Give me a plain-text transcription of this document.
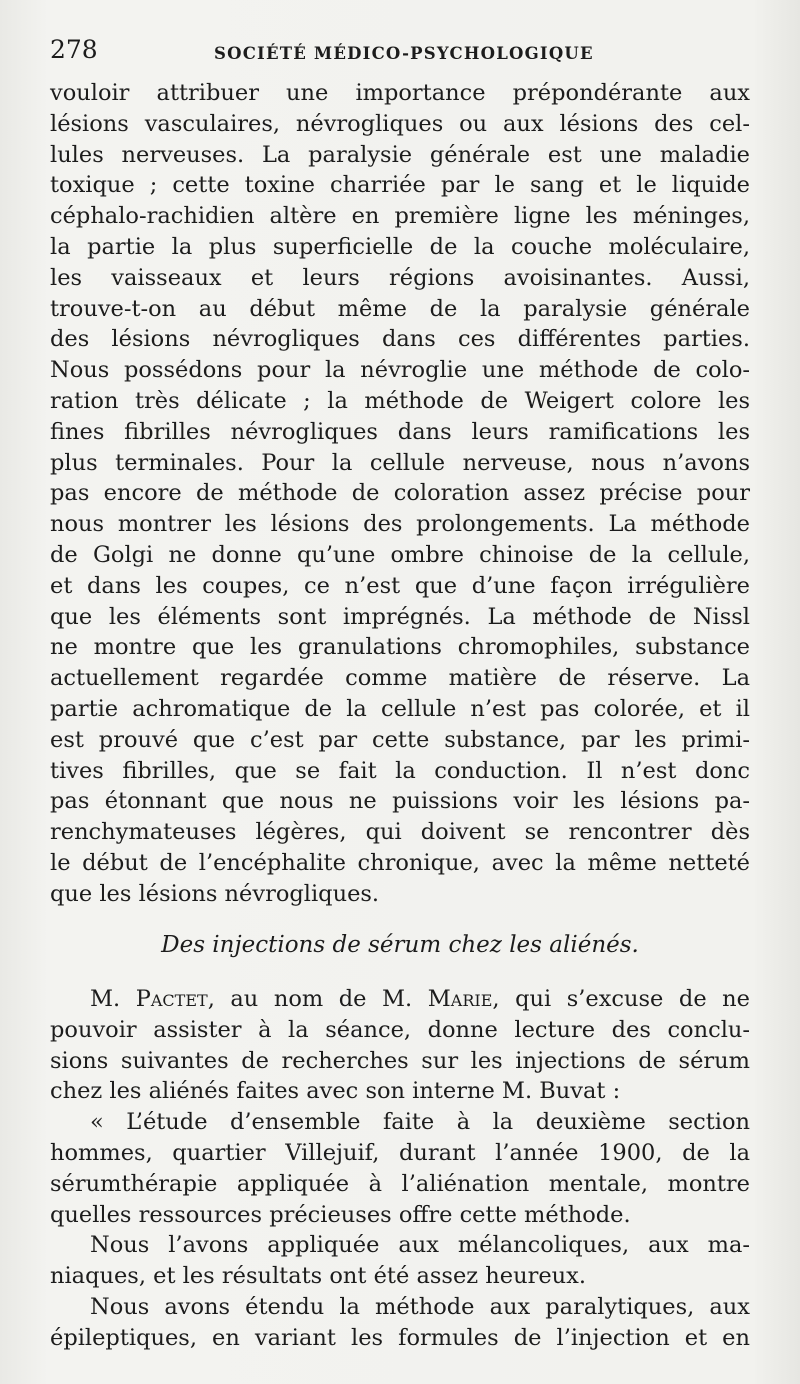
278	SOCIÉTÉ MÉDICO-PSYCHOLOGIQUE
vouloir attribuer une importance prépondérante aux
lésions vasculaires, névrogliques ou aux lésions des cel-
lules nerveuses. La paralysie générale est une maladie
toxique ; cette toxine charriée par le sang et le liquide
céphalo-rachidien altère en première ligne les méninges,
la partie la plus superficielle de la couche moléculaire,
les vaisseaux et leurs régions avoisinantes. Aussi,
trouve-t-on au début même de la paralysie générale
des lésions névrogliques dans ces différentes parties.
Nous possédons pour la névroglie une méthode de colo-
ration très délicate ; la méthode de Weigert colore les
fines fibrilles névrogliques dans leurs ramifications les
plus terminales. Pour la cellule nerveuse, nous n’avons
pas encore de méthode de coloration assez précise pour
nous montrer les lésions des prolongements. La méthode
de Golgi ne donne qu’une ombre chinoise de la cellule,
et dans les coupes, ce n’est que d’une façon irrégulière
que les éléments sont imprégnés. La méthode de Nissl
ne montre que les granulations chromophiles, substance
actuellement regardée comme matière de réserve. La
partie achromatique de la cellule n’est pas colorée, et il
est prouvé que c’est par cette substance, par les primi-
tives fibrilles, que se fait la conduction. Il n’est donc
pas étonnant que nous ne puissions voir les lésions pa-
renchymateuses légères, qui doivent se rencontrer dès
le début de l’encéphalite chronique, avec la même netteté
que les lésions névrogliques.
Des injections de sérum chez les aliénés.
M. Pactet, au nom de M. Marie, qui s’excuse de ne
pouvoir assister à la séance, donne lecture des conclu-
sions suivantes de recherches sur les injections de sérum
chez les aliénés faites avec son interne M. Buvat :
« L’étude d’ensemble faite à la deuxième section
hommes, quartier Villejuif, durant l’année 1900, de la
sérumthérapie appliquée à l’aliénation mentale, montre
quelles ressources précieuses offre cette méthode.
Nous l’avons appliquée aux mélancoliques, aux ma-
niaques, et les résultats ont été assez heureux.
Nous avons étendu la méthode aux paralytiques, aux
épileptiques, en variant les formules de l’injection et en
